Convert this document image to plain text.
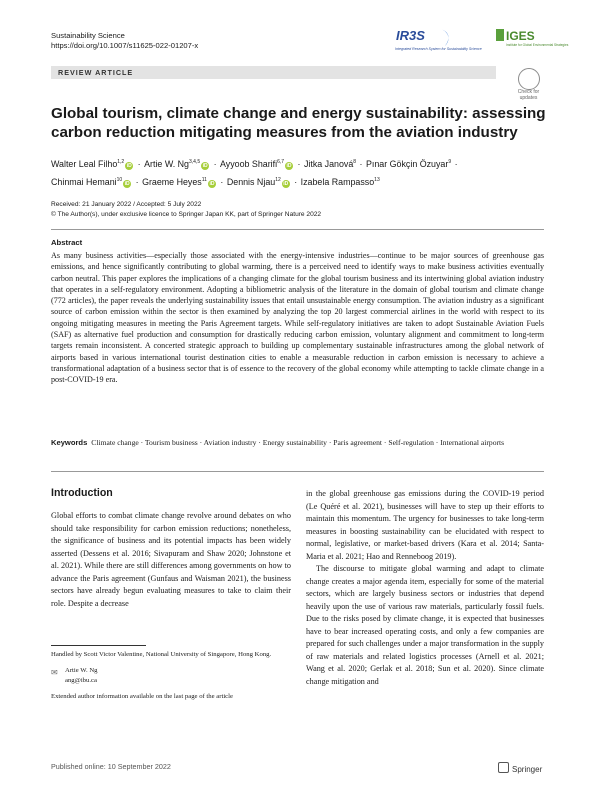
Sustainability Science
https://doi.org/10.1007/s11625-022-01207-x
IR3S
Integrated Research System for Sustainability Science
IGES
Institute for Global Environmental Strategies
REVIEW ARTICLE
Check for updates
Global tourism, climate change and energy sustainability: assessing carbon reduction mitigating measures from the aviation industry
Walter Leal Filho$^{1,2}$iD · Artie W. Ng$^{3,4,5}$iD · Ayyoob Sharifi$^{6,7}$iD · Jitka Janová$^8$ · Pınar Gökçin Özuyar$^9$ ·
Chinmai Hemani$^{10}$iD · Graeme Heyes$^{11}$iD · Dennis Njau$^{12}$iD · Izabela Rampasso$^{13}$
Received: 21 January 2022 / Accepted: 5 July 2022
© The Author(s), under exclusive licence to Springer Japan KK, part of Springer Nature 2022
Abstract
As many business activities—especially those associated with the energy-intensive industries—continue to be major sources of greenhouse gas emissions, and hence significantly contributing to global warming, there is a perceived need to identify ways to make business activities eventually carbon neutral. This paper explores the implications of a changing climate for the global tourism business and its intertwining global aviation industry that operates in a self-regulatory environment. Adopting a bibliometric analysis of the literature in the domain of global tourism and climate change (772 articles), the paper reveals the underlying sustainability issues that entail unsustainable energy consumption. The aviation industry as a significant source of carbon emission within the sector is then examined by analyzing the top 20 largest commercial airlines in the world with respect to its ongoing mitigating measures in meeting the Paris Agreement targets. While self-regulatory initiatives are taken to adopt Sustainable Aviation Fuels (SAF) as alternative fuel production and consumption for drastically reducing carbon emission, voluntary alignment and commitment to long-term targets remain inconsistent. A concerted strategic approach to building up complementary sustainable infrastructures among the global network of airports based in various international tourist destination cities to enable a measurable reduction in carbon emission is necessary to achieve a transformational adaptation of a business sector that is of essence to the recovery of the global economy while attempting to tackle climate change in a post-COVID-19 era.
Keywords Climate change · Tourism business · Aviation industry · Energy sustainability · Paris agreement · Self-regulation · International airports
Introduction
Global efforts to combat climate change revolve around debates on who should take responsibility for carbon emission reductions; nonetheless, the significance of business and its potential impacts has been widely asserted (Dessens et al. 2016; Sivapuram and Shaw 2020; Johnstone et al. 2021). While there are still differences among governments on how to advance the Paris agreement (Gunfaus and Waisman 2021), the business sectors have already begun evaluating measures to take to claim their role. Despite a decrease

in the global greenhouse gas emissions during the COVID-19 period (Le Quéré et al. 2021), businesses will have to step up their efforts to maintain this momentum. The urgency for businesses to take long-term measures in boosting sustainability can be elucidated with respect to normal, legislative, or market-based drivers (Kara et al. 2014; Santa-Maria et al. 2021; Hao and Renneboog 2019).

The discourse to mitigate global warming and adapt to climate change creates a major agenda item, especially for some of the material sectors, which are largely business sectors or industries that depend heavily upon the use of various raw materials, particularly fossil fuels. Due to the risks posed by climate change, it is expected that businesses have to bear increased operating costs, and only a few companies are prepared for such challenges under a major transformation in the supply of raw materials and related logistics processes (Arnell et al. 2021; Wang et al. 2020; Gerlak et al. 2018; Sun et al. 2020). Since climate change mitigation and

Handled by Scott Victor Valentine, National University of Singapore, Hong Kong.
✉ Artie W. Ng
ang@ibu.ca
Extended author information available on the last page of the article
Published online: 10 September 2022	Springer
